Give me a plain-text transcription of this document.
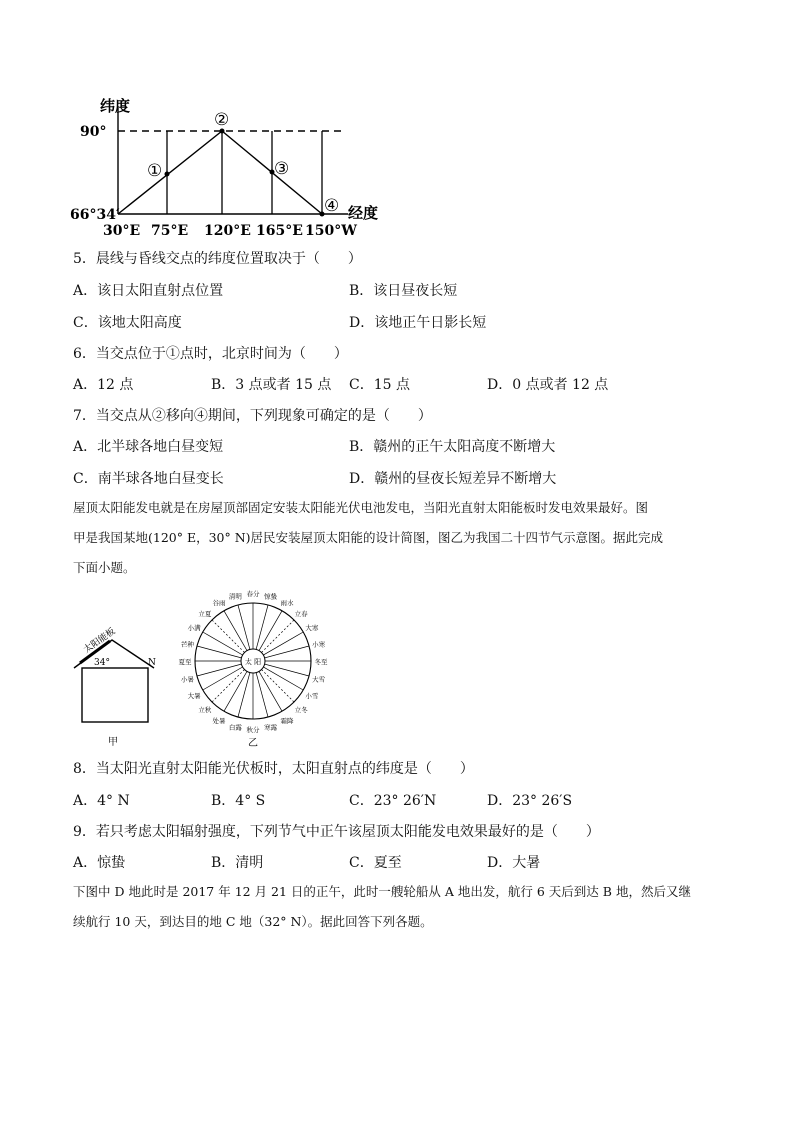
纬度
90°
66°34′	经度
①
②
③
④
30°E 75°E 120°E 165°E 150°W
5．晨线与昏线交点的纬度位置取决于（　　）
A．该日太阳直射点位置	B．该日昼夜长短
C．该地太阳高度	D．该地正午日影长短
6．当交点位于①点时，北京时间为（　　）
A．12 点	B．3 点或者 15 点 C．15 点	D．0 点或者 12 点
7．当交点从②移向④期间，下列现象可确定的是（　　）
A．北半球各地白昼变短	B．赣州的正午太阳高度不断增大
C．南半球各地白昼变长	D．赣州的昼夜长短差异不断增大
屋顶太阳能发电就是在房屋顶部固定安装太阳能光伏电池发电，当阳光直射太阳能板时发电效果最好。图
甲是我国某地(120° E，30° N)居民安装屋顶太阳能的设计简图，图乙为我国二十四节气示意图。据此完成
下面小题。
太阳能板
34°	N
甲
春分 惊蛰
雨水
立春
大寒
小寒
冬至
大雪
小雪
立冬
霜降
寒露
秋分
白露
处暑
立秋
大暑
小暑
夏至
芒种
小满
立夏
谷雨
清明
太 阳
乙
8．当太阳光直射太阳能光伏板时，太阳直射点的纬度是（　　）
A．4° N	B．4° S	C．23° 26′N	D．23° 26′S
9．若只考虑太阳辐射强度，下列节气中正午该屋顶太阳能发电效果最好的是（　　）
A．惊蛰	B．清明	C．夏至	D．大暑
下图中 D 地此时是 2017 年 12 月 21 日的正午，此时一艘轮船从 A 地出发，航行 6 天后到达 B 地，然后又继
续航行 10 天，到达目的地 C 地（32° N）。据此回答下列各题。
